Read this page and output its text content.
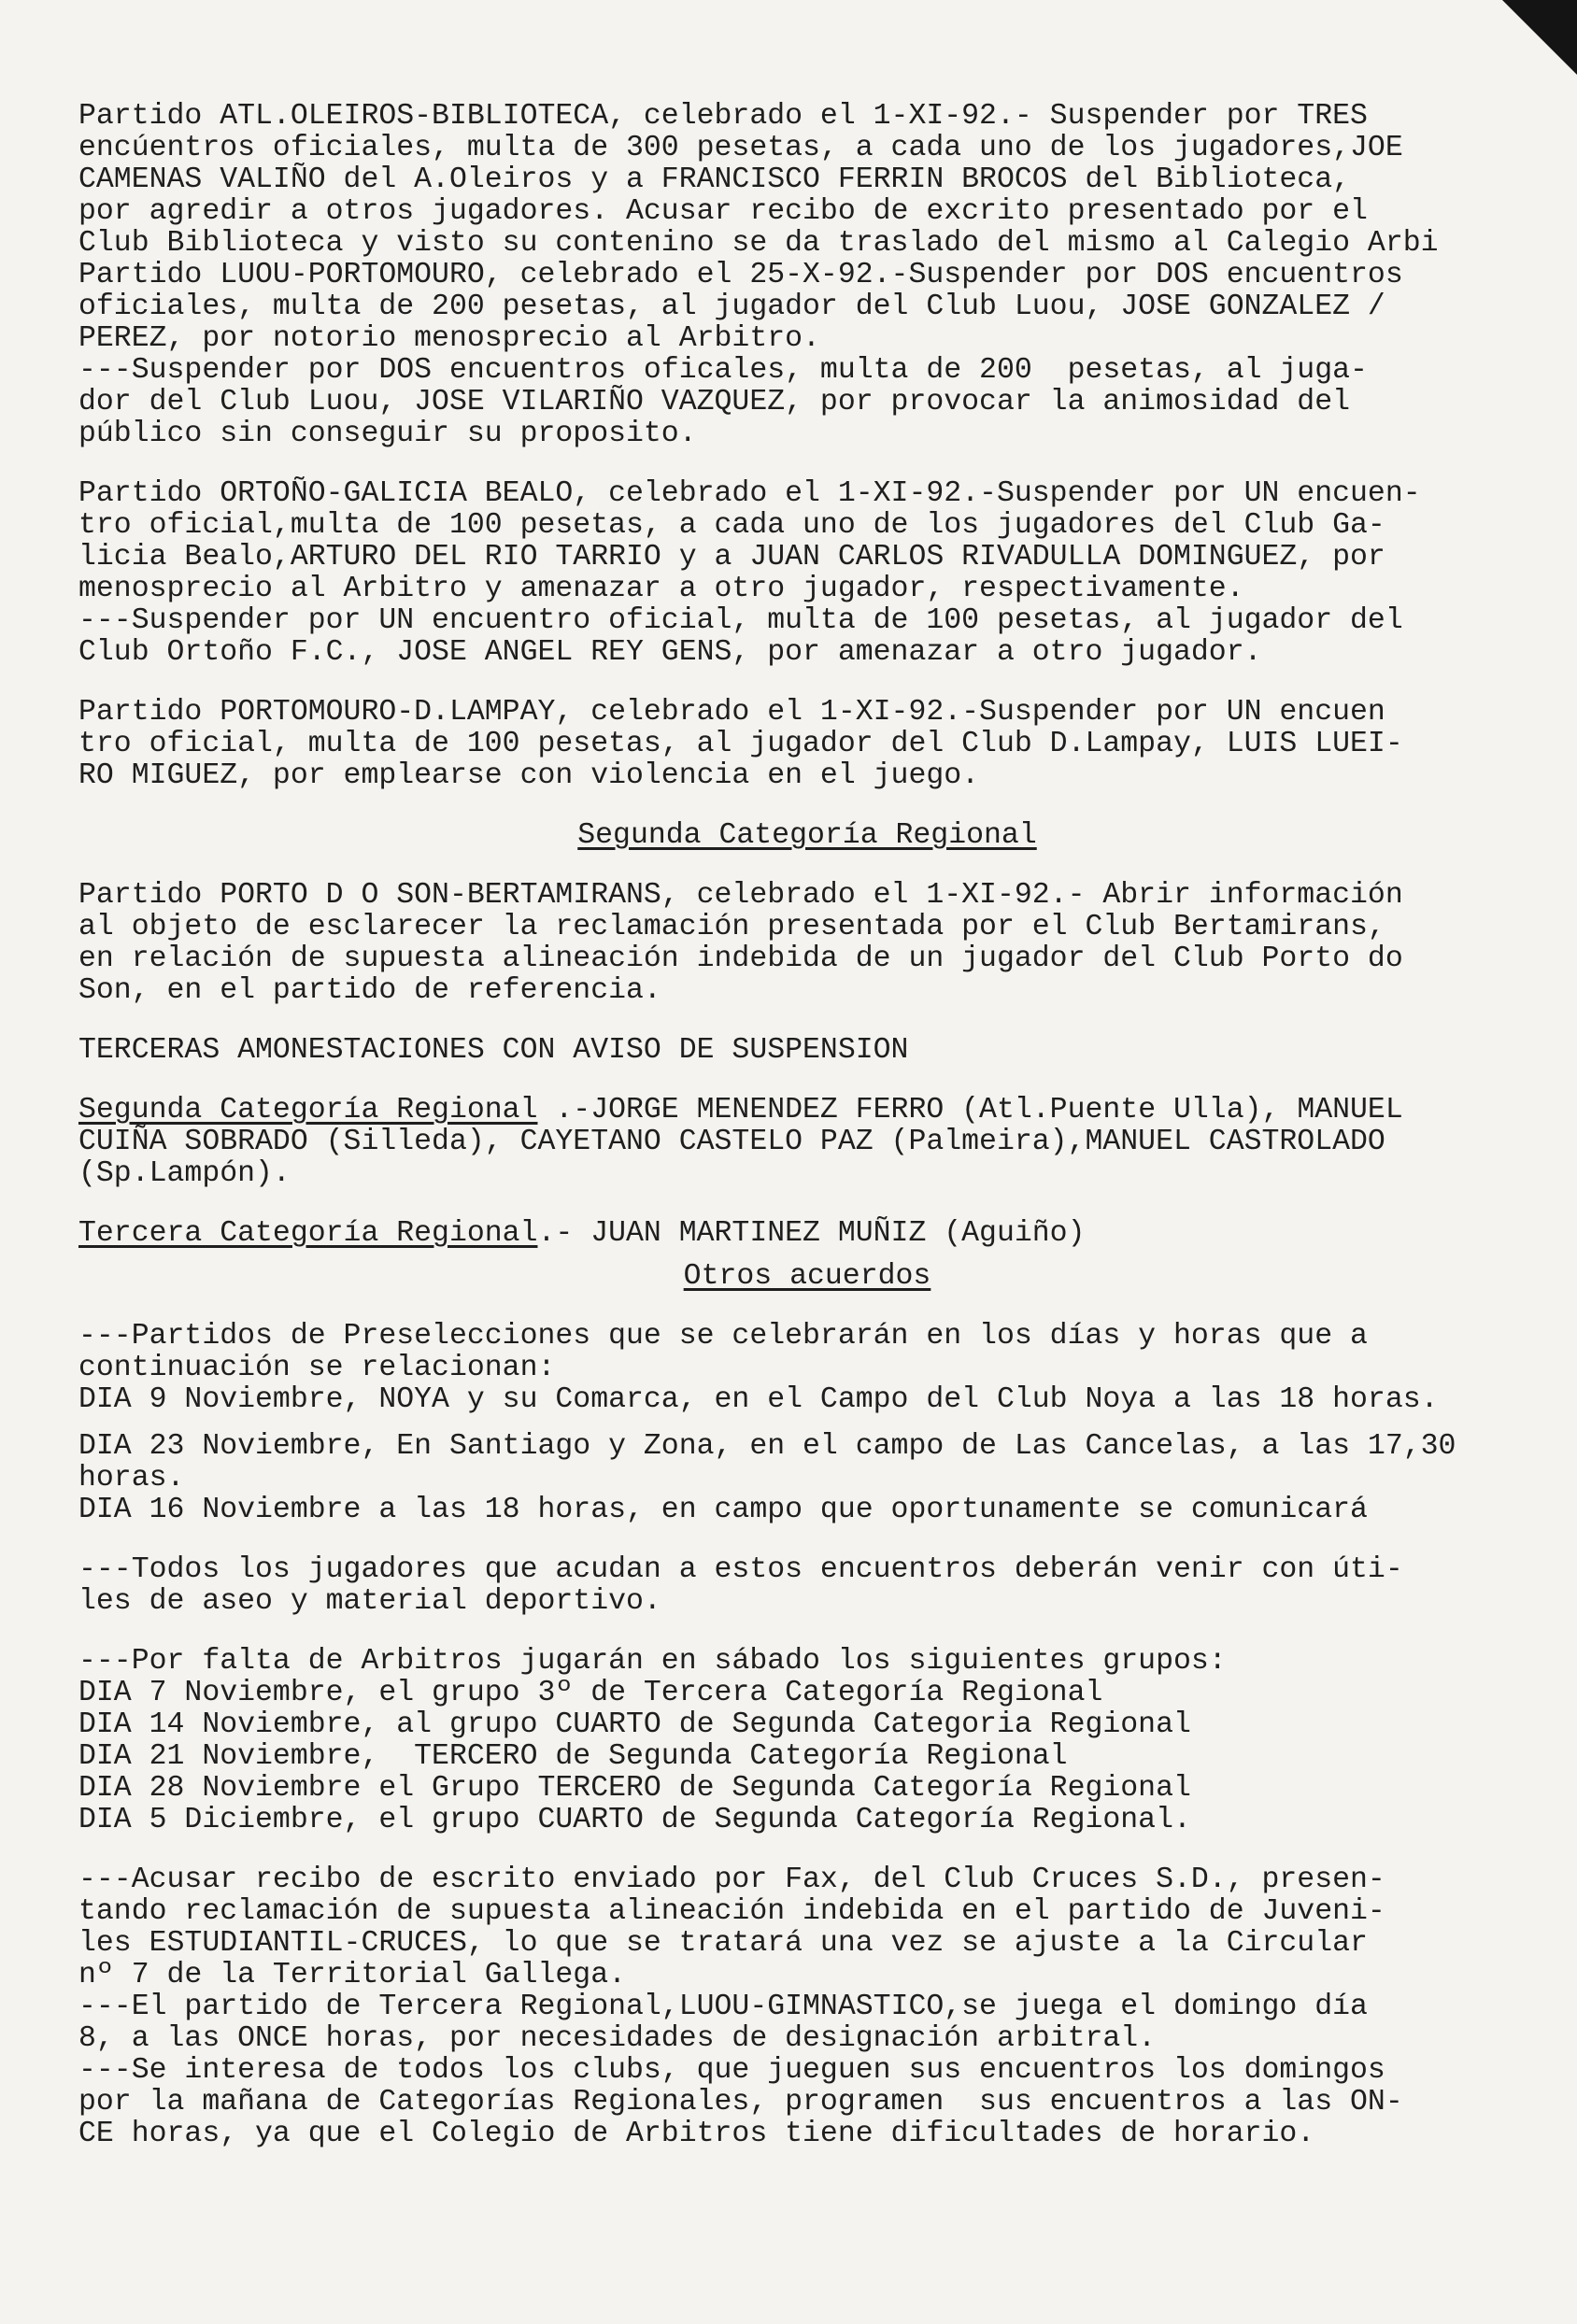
Partido ATL.OLEIROS-BIBLIOTECA, celebrado el 1-XI-92.- Suspender por TRES
encúentros oficiales, multa de 300 pesetas, a cada uno de los jugadores,JOE
CAMENAS VALIÑO del A.Oleiros y a FRANCISCO FERRIN BROCOS del Biblioteca,
por agredir a otros jugadores. Acusar recibo de excrito presentado por el
Club Biblioteca y visto su contenino se da traslado del mismo al Calegio Arbi
Partido LUOU-PORTOMOURO, celebrado el 25-X-92.-Suspender por DOS encuentros
oficiales, multa de 200 pesetas, al jugador del Club Luou, JOSE GONZALEZ /
PEREZ, por notorio menosprecio al Arbitro.
---Suspender por DOS encuentros oficales, multa de 200  pesetas, al juga-
dor del Club Luou, JOSE VILARIÑO VAZQUEZ, por provocar la animosidad del
público sin conseguir su proposito.
Partido ORTOÑO-GALICIA BEALO, celebrado el 1-XI-92.-Suspender por UN encuen-
tro oficial,multa de 100 pesetas, a cada uno de los jugadores del Club Ga-
licia Bealo,ARTURO DEL RIO TARRIO y a JUAN CARLOS RIVADULLA DOMINGUEZ, por
menosprecio al Arbitro y amenazar a otro jugador, respectivamente.
---Suspender por UN encuentro oficial, multa de 100 pesetas, al jugador del
Club Ortoño F.C., JOSE ANGEL REY GENS, por amenazar a otro jugador.
Partido PORTOMOURO-D.LAMPAY, celebrado el 1-XI-92.-Suspender por UN encuen
tro oficial, multa de 100 pesetas, al jugador del Club D.Lampay, LUIS LUEI-
RO MIGUEZ, por emplearse con violencia en el juego.
Segunda Categoría Regional
Partido PORTO D O SON-BERTAMIRANS, celebrado el 1-XI-92.- Abrir información
al objeto de esclarecer la reclamación presentada por el Club Bertamirans,
en relación de supuesta alineación indebida de un jugador del Club Porto do
Son, en el partido de referencia.
TERCERAS AMONESTACIONES CON AVISO DE SUSPENSION
Segunda Categoría Regional .-JORGE MENENDEZ FERRO (Atl.Puente Ulla), MANUEL
CUIÑA SOBRADO (Silleda), CAYETANO CASTELO PAZ (Palmeira),MANUEL CASTROLADO
(Sp.Lampón).
Tercera Categoría Regional.- JUAN MARTINEZ MUÑIZ (Aguiño)
Otros acuerdos
---Partidos de Preselecciones que se celebrarán en los días y horas que a
continuación se relacionan:
DIA 9 Noviembre, NOYA y su Comarca, en el Campo del Club Noya a las 18 horas.
DIA 23 Noviembre, En Santiago y Zona, en el campo de Las Cancelas, a las 17,30
horas.
DIA 16 Noviembre a las 18 horas, en campo que oportunamente se comunicará
---Todos los jugadores que acudan a estos encuentros deberán venir con úti-
les de aseo y material deportivo.
---Por falta de Arbitros jugarán en sábado los siguientes grupos:
DIA 7 Noviembre, el grupo 3º de Tercera Categoría Regional
DIA 14 Noviembre, al grupo CUARTO de Segunda Categoria Regional
DIA 21 Noviembre,  TERCERO de Segunda Categoría Regional
DIA 28 Noviembre el Grupo TERCERO de Segunda Categoría Regional
DIA 5 Diciembre, el grupo CUARTO de Segunda Categoría Regional.
---Acusar recibo de escrito enviado por Fax, del Club Cruces S.D., presen-
tando reclamación de supuesta alineación indebida en el partido de Juveni-
les ESTUDIANTIL-CRUCES, lo que se tratará una vez se ajuste a la Circular
nº 7 de la Territorial Gallega.
---El partido de Tercera Regional,LUOU-GIMNASTICO,se juega el domingo día
8, a las ONCE horas, por necesidades de designación arbitral.
---Se interesa de todos los clubs, que jueguen sus encuentros los domingos
por la mañana de Categorías Regionales, programen  sus encuentros a las ON-
CE horas, ya que el Colegio de Arbitros tiene dificultades de horario.
